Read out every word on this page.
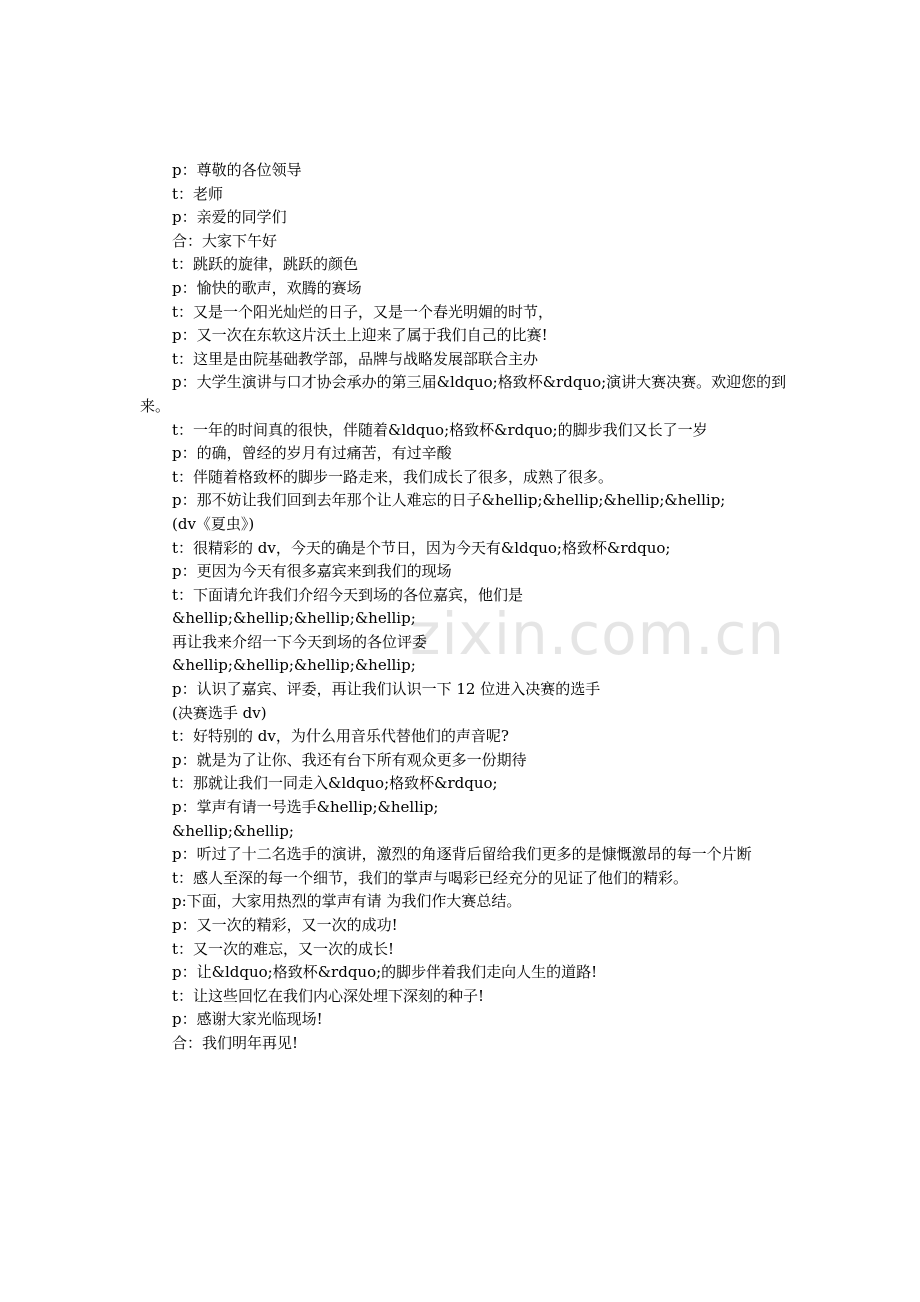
zixin.com.cn
p：尊敬的各位领导
t：老师
p：亲爱的同学们
合：大家下午好
t：跳跃的旋律，跳跃的颜色
p：愉快的歌声，欢腾的赛场
t：又是一个阳光灿烂的日子，又是一个春光明媚的时节，
p：又一次在东软这片沃土上迎来了属于我们自己的比赛!
t：这里是由院基础教学部，品牌与战略发展部联合主办
p：大学生演讲与口才协会承办的第三届&ldquo;格致杯&rdquo;演讲大赛决赛。欢迎您的到来。
t：一年的时间真的很快，伴随着&ldquo;格致杯&rdquo;的脚步我们又长了一岁
p：的确，曾经的岁月有过痛苦，有过辛酸
t：伴随着格致杯的脚步一路走来，我们成长了很多，成熟了很多。
p：那不妨让我们回到去年那个让人难忘的日子&hellip;&hellip;&hellip;&hellip;
(dv《夏虫》)
t：很精彩的 dv，今天的确是个节日，因为今天有&ldquo;格致杯&rdquo;
p：更因为今天有很多嘉宾来到我们的现场
t：下面请允许我们介绍今天到场的各位嘉宾，他们是
&hellip;&hellip;&hellip;&hellip;
再让我来介绍一下今天到场的各位评委
&hellip;&hellip;&hellip;&hellip;
p：认识了嘉宾、评委，再让我们认识一下 12 位进入决赛的选手
(决赛选手 dv)
t：好特别的 dv，为什么用音乐代替他们的声音呢?
p：就是为了让你、我还有台下所有观众更多一份期待
t：那就让我们一同走入&ldquo;格致杯&rdquo;
p：掌声有请一号选手&hellip;&hellip;
&hellip;&hellip;
p：听过了十二名选手的演讲，激烈的角逐背后留给我们更多的是慷慨激昂的每一个片断
t：感人至深的每一个细节，我们的掌声与喝彩已经充分的见证了他们的精彩。
p:下面，大家用热烈的掌声有请 为我们作大赛总结。
p：又一次的精彩，又一次的成功!
t：又一次的难忘，又一次的成长!
p：让&ldquo;格致杯&rdquo;的脚步伴着我们走向人生的道路!
t：让这些回忆在我们内心深处埋下深刻的种子!
p：感谢大家光临现场!
合：我们明年再见!
